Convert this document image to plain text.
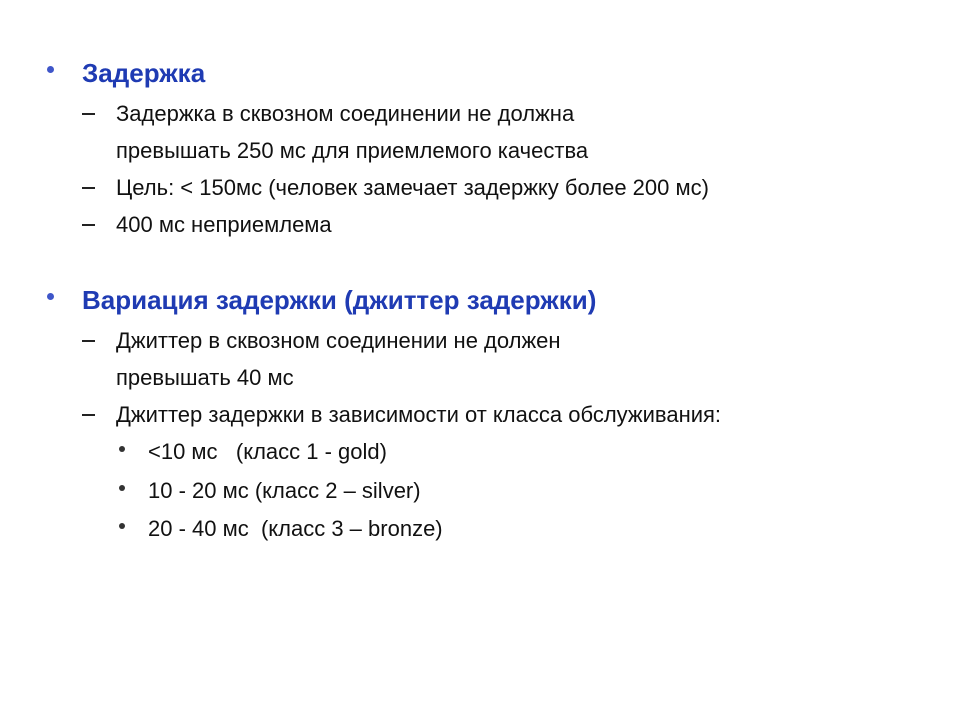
Задержка
Задержка в сквозном соединении не должна
превышать 250 мс для приемлемого качества
Цель: < 150мс (человек замечает задержку более 200 мс)
400 мс неприемлема
Вариация задержки (джиттер задержки)
Джиттер в сквозном соединении не должен
превышать 40 мс
Джиттер задержки в зависимости от класса обслуживания:
<10 мс   (класс 1 - gold)
10 - 20 мс (класс 2 – silver)
20 - 40 мс  (класс 3 – bronze)
